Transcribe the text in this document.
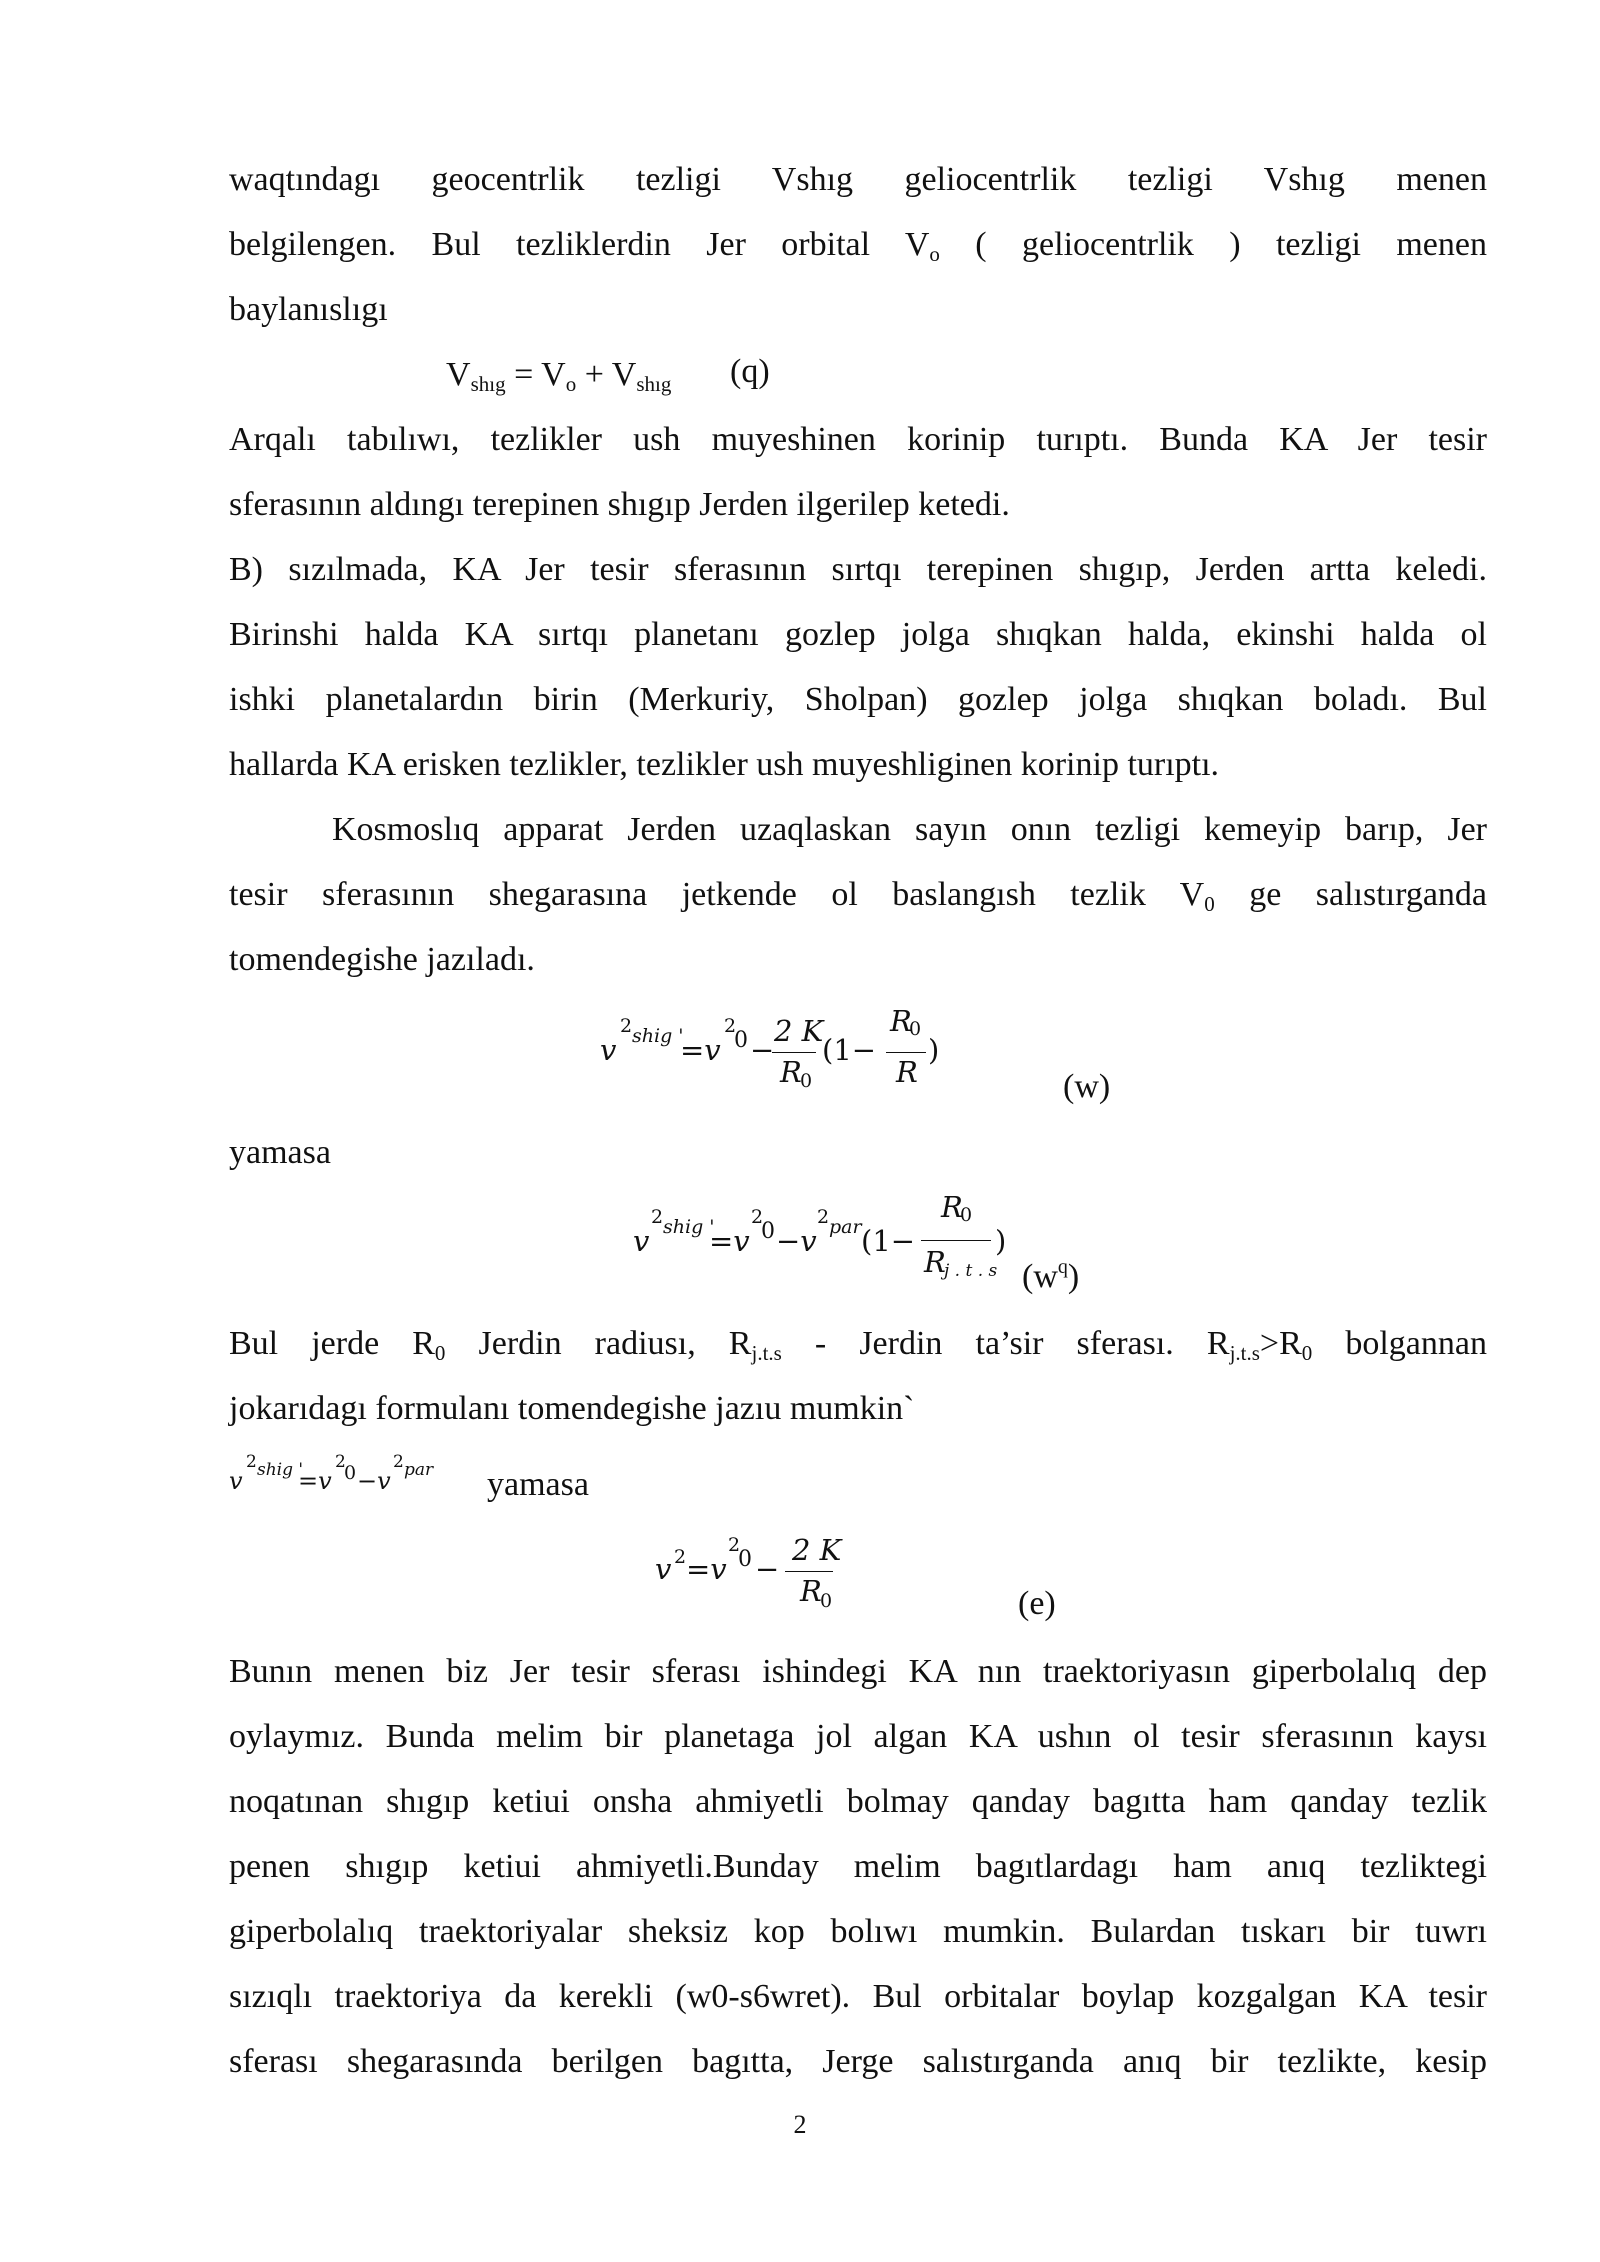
waqtındagı geocentrlik tezligi Vshıg geliocentrlik tezligi Vshıg menen
belgilengen. Bul tezliklerdin Jer orbital $V_o$ ( geliocentrlik ) tezligi menen
baylanıslıgı
$V_{shıg} = V_o + V_{shıg}$	(q)
Arqalı tabılıwı, tezlikler ush muyeshinen korinip turıptı. Bunda KA Jer tesir
sferasının aldıngı terepinen shıgıp Jerden ilgerilep ketedi.
B) sızılmada, KA Jer tesir sferasının sırtqı terepinen shıgıp, Jerden artta keledi.
Birinshi halda KA sırtqı planetanı gozlep jolga shıqkan halda, ekinshi halda ol
ishki planetalardın birin (Merkuriy, Sholpan) gozlep jolga shıqkan boladı. Bul
hallarda KA erisken tezlikler, tezlikler ush muyeshliginen korinip turıptı.
Kosmoslıq apparat Jerden uzaqlaskan sayın onın tezligi kemeyip barıp, Jer
tesir sferasının shegarasına jetkende ol baslangısh tezlik $V_0$ ge salıstırganda
tomendegishe jazıladı.
v
2 shig '
=v
2
0 −
2 K
R
0
(1−
R
0
R
)
(w)
yamasa
v
2 shig '
=v
2
0 −v
2 par (1−
R
0
R
j . t . s
)
$(w^q)$
Bul jerde $R_0$ Jerdin radiusı, $R_{j.t.s}$ - Jerdin ta’sir sferası. $R_{j.t.s}>R_0$ bolgannan
jokarıdagı formulanı tomendegishe jazıu mumkin`
v
2 shig '
=v
2
0 −v
2 par yamasa
v 2 =v
2
0 −
2 K
R
0	(e)
Bunın menen biz Jer tesir sferası ishindegi KA nın traektoriyasın giperbolalıq dep
oylaymız. Bunda melim bir planetaga jol algan KA ushın ol tesir sferasının kaysı
noqatınan shıgıp ketiui onsha ahmiyetli bolmay qanday bagıtta ham qanday tezlik
penen shıgıp ketiui ahmiyetli.Bunday melim bagıtlardagı ham anıq tezliktegi
giperbolalıq traektoriyalar sheksiz kop bolıwı mumkin. Bulardan tıskarı bir tuwrı
sızıqlı traektoriya da kerekli (w0-s6wret). Bul orbitalar boylap kozgalgan KA tesir
sferası shegarasında berilgen bagıtta, Jerge salıstırganda anıq bir tezlikte, kesip
2
